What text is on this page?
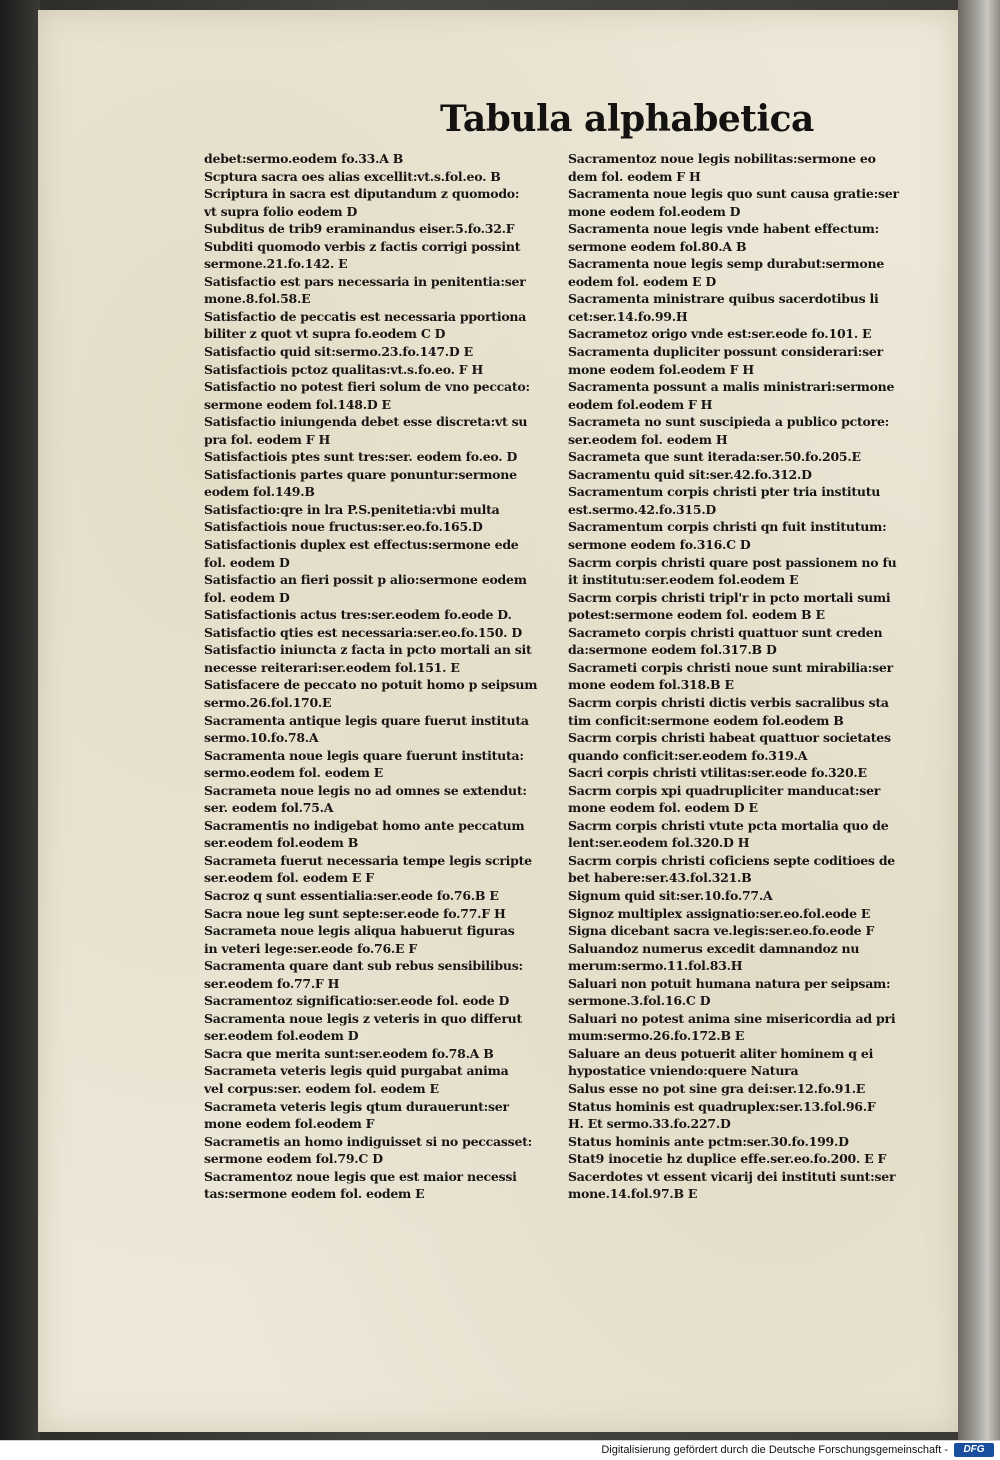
Tabula alphabetica
debet:sermo.eodem fo.33.A B
Scptura sacra oes alias excellit:vt.s.fol.eo. B
Scriptura in sacra est diputandum z quomodo:
vt supra folio eodem D
Subditus de trib9 eraminandus eiser.5.fo.32.F
Subditi quomodo verbis z factis corrigi possint
sermone.21.fo.142. E
Satisfactio est pars necessaria in penitentia:ser
mone.8.fol.58.E
Satisfactio de peccatis est necessaria pportiona
biliter z quot vt supra fo.eodem C D
Satisfactio quid sit:sermo.23.fo.147.D E
Satisfactiois pctoz qualitas:vt.s.fo.eo. F H
Satisfactio no potest fieri solum de vno peccato:
sermone eodem fol.148.D E
Satisfactio iniungenda debet esse discreta:vt su
pra fol. eodem F H
Satisfactiois ptes sunt tres:ser. eodem fo.eo. D
Satisfactionis partes quare ponuntur:sermone
eodem fol.149.B
Satisfactio:qre in lra P.S.penitetia:vbi multa
Satisfactiois noue fructus:ser.eo.fo.165.D
Satisfactionis duplex est effectus:sermone ede
fol. eodem D
Satisfactio an fieri possit p alio:sermone eodem
fol. eodem D
Satisfactionis actus tres:ser.eodem fo.eode D.
Satisfactio qties est necessaria:ser.eo.fo.150. D
Satisfactio iniuncta z facta in pcto mortali an sit
necesse reiterari:ser.eodem fol.151. E
Satisfacere de peccato no potuit homo p seipsum
sermo.26.fol.170.E
Sacramenta antique legis quare fuerut instituta
sermo.10.fo.78.A
Sacramenta noue legis quare fuerunt instituta:
sermo.eodem fol. eodem E
Sacrameta noue legis no ad omnes se extendut:
ser. eodem fol.75.A
Sacramentis no indigebat homo ante peccatum
ser.eodem fol.eodem B
Sacrameta fuerut necessaria tempe legis scripte
ser.eodem fol. eodem E F
Sacroz q sunt essentialia:ser.eode fo.76.B E
Sacra noue leg sunt septe:ser.eode fo.77.F H
Sacrameta noue legis aliqua habuerut figuras
in veteri lege:ser.eode fo.76.E F
Sacramenta quare dant sub rebus sensibilibus:
ser.eodem fo.77.F H
Sacramentoz significatio:ser.eode fol. eode D
Sacramenta noue legis z veteris in quo differut
ser.eodem fol.eodem D
Sacra que merita sunt:ser.eodem fo.78.A B
Sacrameta veteris legis quid purgabat anima
vel corpus:ser. eodem fol. eodem E
Sacrameta veteris legis qtum durauerunt:ser
mone eodem fol.eodem F
Sacrametis an homo indiguisset si no peccasset:
sermone eodem fol.79.C D
Sacramentoz noue legis que est maior necessi
tas:sermone eodem fol. eodem E
Sacramentoz noue legis nobilitas:sermone eo
dem fol. eodem F H
Sacramenta noue legis quo sunt causa gratie:ser
mone eodem fol.eodem D
Sacramenta noue legis vnde habent effectum:
sermone eodem fol.80.A B
Sacramenta noue legis semp durabut:sermone
eodem fol. eodem E D
Sacramenta ministrare quibus sacerdotibus li
cet:ser.14.fo.99.H
Sacrametoz origo vnde est:ser.eode fo.101. E
Sacramenta dupliciter possunt considerari:ser
mone eodem fol.eodem F H
Sacramenta possunt a malis ministrari:sermone
eodem fol.eodem F H
Sacrameta no sunt suscipieda a publico pctore:
ser.eodem fol. eodem H
Sacrameta que sunt iterada:ser.50.fo.205.E
Sacramentu quid sit:ser.42.fo.312.D
Sacramentum corpis christi pter tria institutu
est.sermo.42.fo.315.D
Sacramentum corpis christi qn fuit institutum:
sermone eodem fo.316.C D
Sacrm corpis christi quare post passionem no fu
it institutu:ser.eodem fol.eodem E
Sacrm corpis christi tripl'r in pcto mortali sumi
potest:sermone eodem fol. eodem B E
Sacrameto corpis christi quattuor sunt creden
da:sermone eodem fol.317.B D
Sacrameti corpis christi noue sunt mirabilia:ser
mone eodem fol.318.B E
Sacrm corpis christi dictis verbis sacralibus sta
tim conficit:sermone eodem fol.eodem B
Sacrm corpis christi habeat quattuor societates
quando conficit:ser.eodem fo.319.A
Sacri corpis christi vtilitas:ser.eode fo.320.E
Sacrm corpis xpi quadrupliciter manducat:ser
mone eodem fol. eodem D E
Sacrm corpis christi vtute pcta mortalia quo de
lent:ser.eodem fol.320.D H
Sacrm corpis christi coficiens septe coditioes de
bet habere:ser.43.fol.321.B
Signum quid sit:ser.10.fo.77.A
Signoz multiplex assignatio:ser.eo.fol.eode E
Signa dicebant sacra ve.legis:ser.eo.fo.eode F
Saluandoz numerus excedit damnandoz nu
merum:sermo.11.fol.83.H
Saluari non potuit humana natura per seipsam:
sermone.3.fol.16.C D
Saluari no potest anima sine misericordia ad pri
mum:sermo.26.fo.172.B E
Saluare an deus potuerit aliter hominem q ei
hypostatice vniendo:quere Natura
Salus esse no pot sine gra dei:ser.12.fo.91.E
Status hominis est quadruplex:ser.13.fol.96.F
H. Et sermo.33.fo.227.D
Status hominis ante pctm:ser.30.fo.199.D
Stat9 inocetie hz duplice effe.ser.eo.fo.200. E F
Sacerdotes vt essent vicarij dei instituti sunt:ser
mone.14.fol.97.B E
Digitalisierung gefördert durch die Deutsche Forschungsgemeinschaft -	DFG
